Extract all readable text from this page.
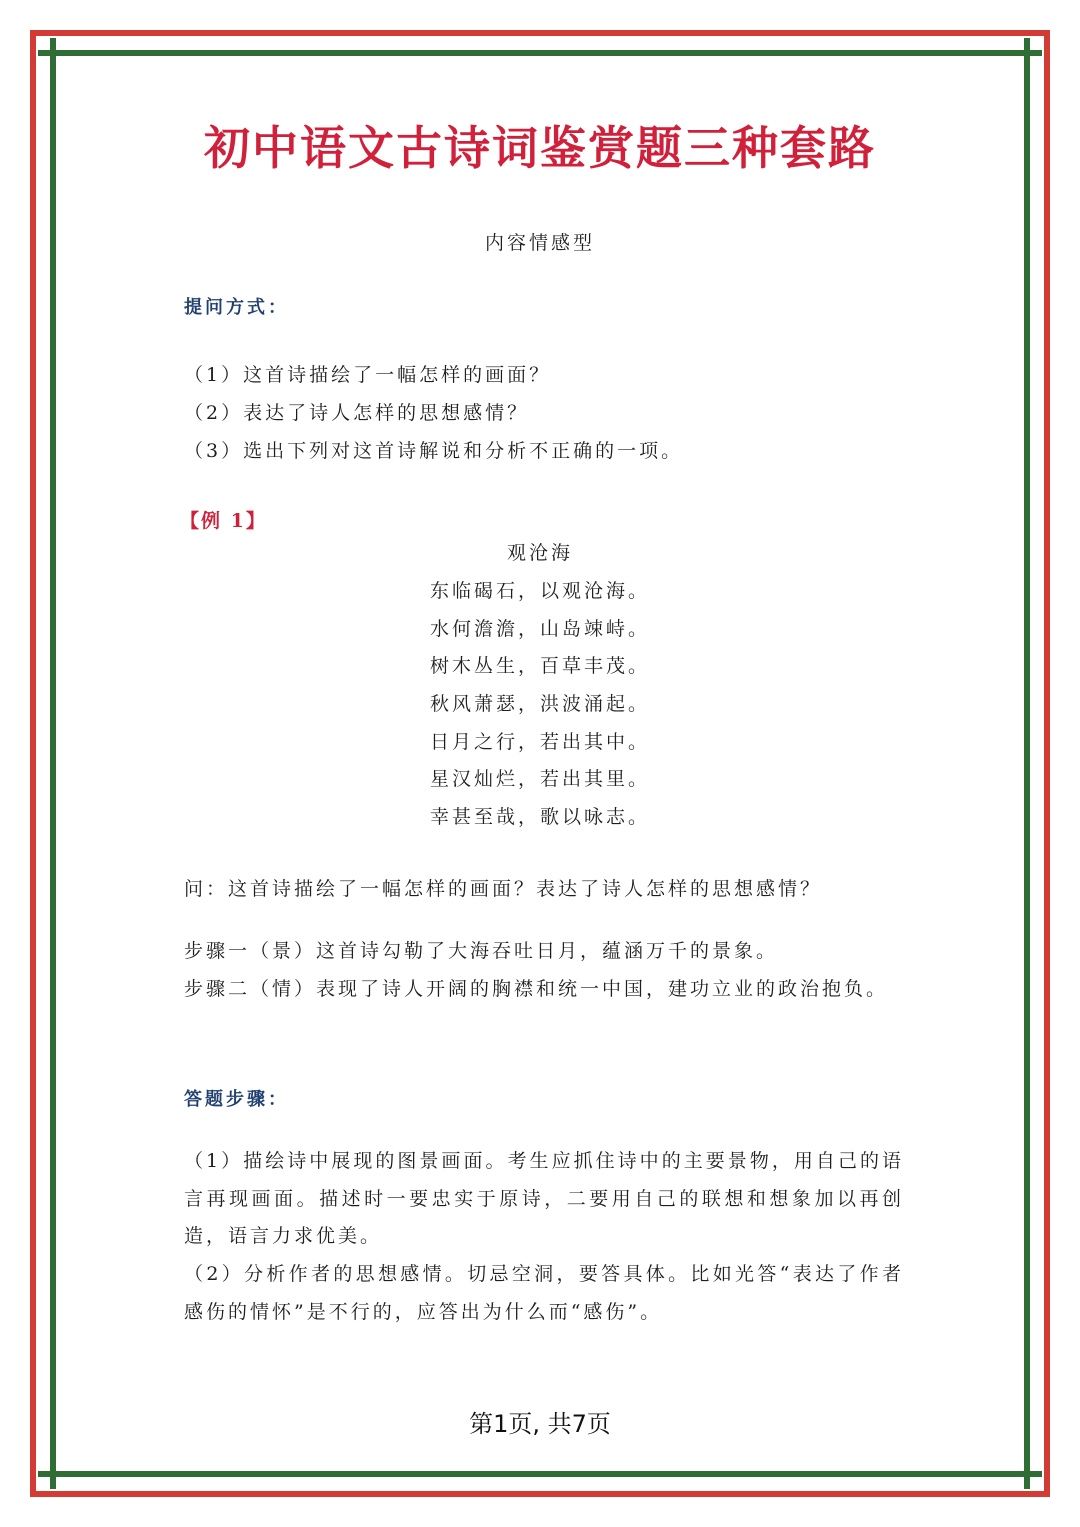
初中语文古诗词鉴赏题三种套路
内容情感型
提问方式：
（1）这首诗描绘了一幅怎样的画面？
（2）表达了诗人怎样的思想感情？
（3）选出下列对这首诗解说和分析不正确的一项。
【例 1】
观沧海
东临碣石，以观沧海。
水何澹澹，山岛竦峙。
树木丛生，百草丰茂。
秋风萧瑟，洪波涌起。
日月之行，若出其中。
星汉灿烂，若出其里。
幸甚至哉，歌以咏志。
问：这首诗描绘了一幅怎样的画面？表达了诗人怎样的思想感情？
步骤一（景）这首诗勾勒了大海吞吐日月，蕴涵万千的景象。
步骤二（情）表现了诗人开阔的胸襟和统一中国，建功立业的政治抱负。
答题步骤：
（1）描绘诗中展现的图景画面。考生应抓住诗中的主要景物，用自己的语言再现画面。描述时一要忠实于原诗，二要用自己的联想和想象加以再创造，语言力求优美。
（2）分析作者的思想感情。切忌空洞，要答具体。比如光答“表达了作者感伤的情怀”是不行的，应答出为什么而“感伤”。
第1页, 共7页
